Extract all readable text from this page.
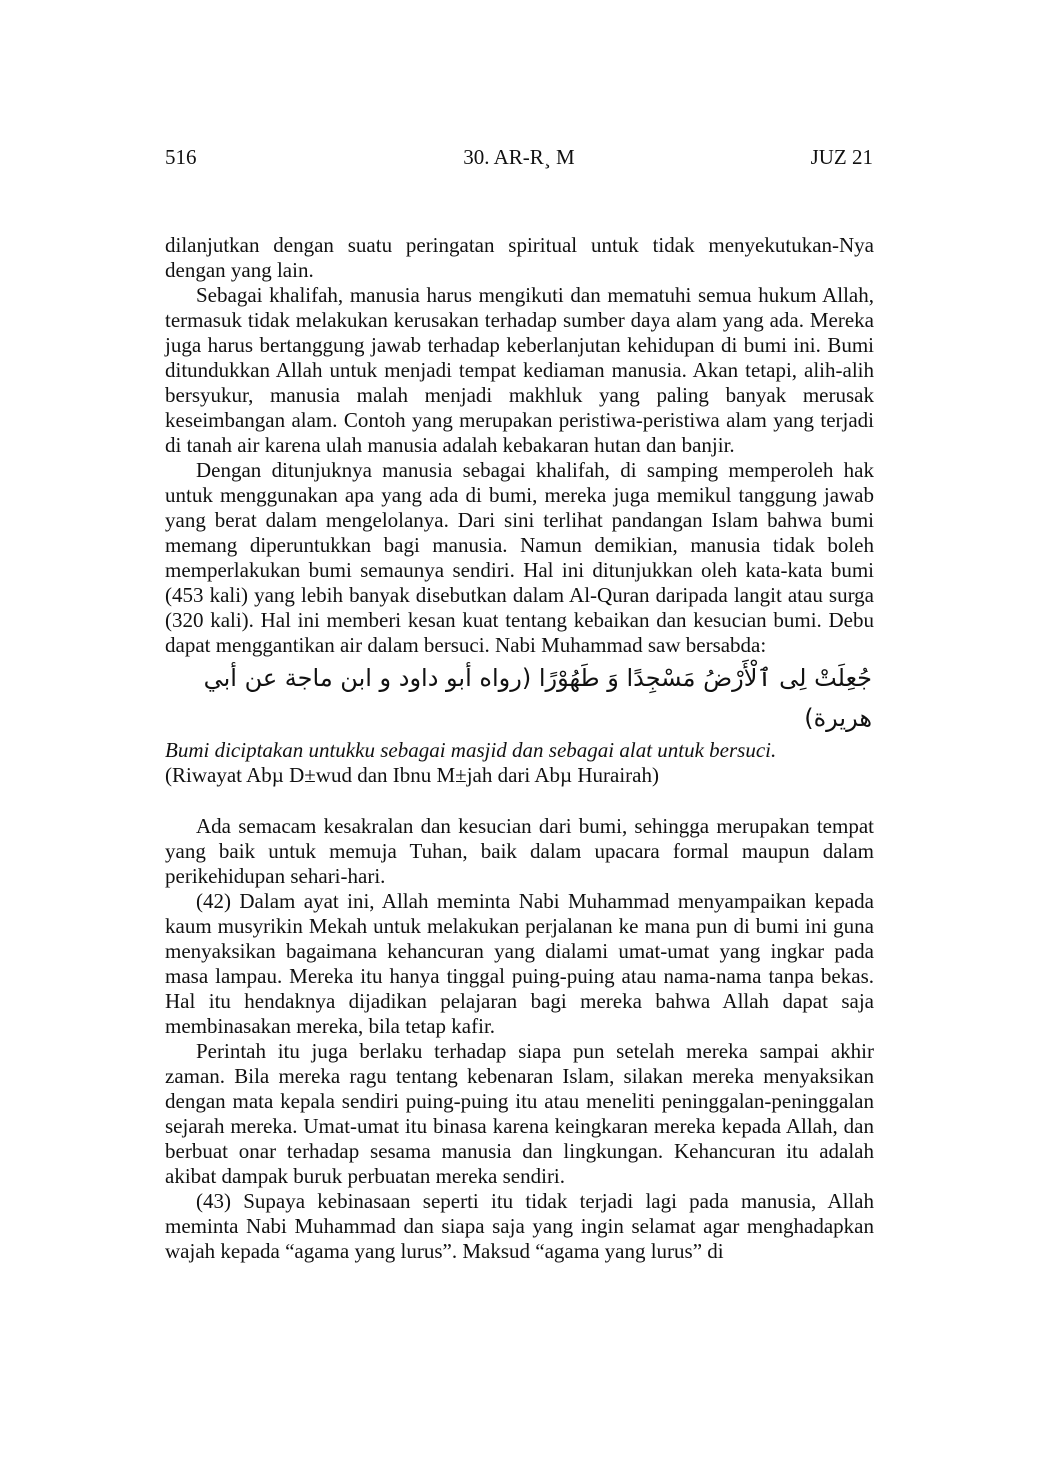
516	30. AR-R¸ M	JUZ 21

dilanjutkan dengan suatu peringatan spiritual untuk tidak menyekutukan-Nya dengan yang lain.

Sebagai khalifah, manusia harus mengikuti dan mematuhi semua hukum Allah, termasuk tidak melakukan kerusakan terhadap sumber daya alam yang ada. Mereka juga harus bertanggung jawab terhadap keberlanjutan kehidupan di bumi ini. Bumi ditundukkan Allah untuk menjadi tempat kediaman manusia. Akan tetapi, alih-alih bersyukur, manusia malah menjadi makhluk yang paling banyak merusak keseimbangan alam. Contoh yang merupakan peristiwa-peristiwa alam yang terjadi di tanah air karena ulah manusia adalah kebakaran hutan dan banjir.

Dengan ditunjuknya manusia sebagai khalifah, di samping memperoleh hak untuk menggunakan apa yang ada di bumi, mereka juga memikul tanggung jawab yang berat dalam mengelolanya. Dari sini terlihat pandangan Islam bahwa bumi memang diperuntukkan bagi manusia. Namun demikian, manusia tidak boleh memperlakukan bumi semaunya sendiri. Hal ini ditunjukkan oleh kata-kata bumi (453 kali) yang lebih banyak disebutkan dalam Al-Quran daripada langit atau surga (320 kali). Hal ini memberi kesan kuat tentang kebaikan dan kesucian bumi. Debu dapat menggantikan air dalam bersuci. Nabi Muhammad saw bersabda:

جُعِلَتْ لِى ٱلْأَرْضُ مَسْجِدًا وَ طَهُوْرًا (رواه أبو داود و ابن ماجة عن أبي هريرة)

Bumi diciptakan untukku sebagai masjid dan sebagai alat untuk bersuci.

(Riwayat Abµ D±wud dan Ibnu M±jah dari Abµ Hurairah)

Ada semacam kesakralan dan kesucian dari bumi, sehingga merupakan tempat yang baik untuk memuja Tuhan, baik dalam upacara formal maupun dalam perikehidupan sehari-hari.

(42) Dalam ayat ini, Allah meminta Nabi Muhammad menyampaikan kepada kaum musyrikin Mekah untuk melakukan perjalanan ke mana pun di bumi ini guna menyaksikan bagaimana kehancuran yang dialami umat-umat yang ingkar pada masa lampau. Mereka itu hanya tinggal puing-puing atau nama-nama tanpa bekas. Hal itu hendaknya dijadikan pelajaran bagi mereka bahwa Allah dapat saja membinasakan mereka, bila tetap kafir.

Perintah itu juga berlaku terhadap siapa pun setelah mereka sampai akhir zaman. Bila mereka ragu tentang kebenaran Islam, silakan mereka menyaksikan dengan mata kepala sendiri puing-puing itu atau meneliti peninggalan-peninggalan sejarah mereka. Umat-umat itu binasa karena keingkaran mereka kepada Allah, dan berbuat onar terhadap sesama manusia dan lingkungan. Kehancuran itu adalah akibat dampak buruk perbuatan mereka sendiri.

(43) Supaya kebinasaan seperti itu tidak terjadi lagi pada manusia, Allah meminta Nabi Muhammad dan siapa saja yang ingin selamat agar menghadapkan wajah kepada “agama yang lurus”. Maksud “agama yang lurus” di
